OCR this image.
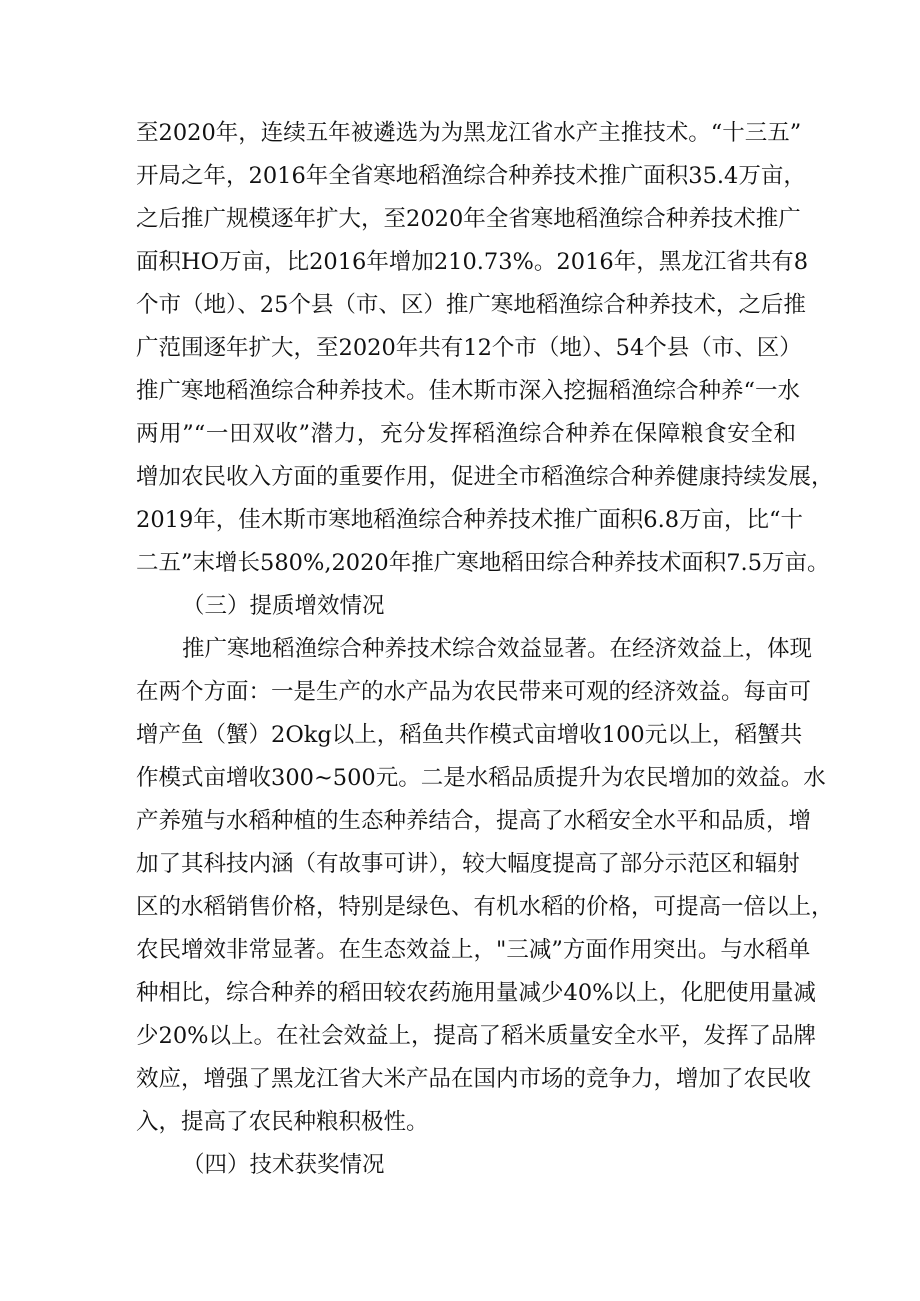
至2020年，连续五年被遴选为为黑龙江省水产主推技术。“十三五”
开局之年，2016年全省寒地稻渔综合种养技术推广面积35.4万亩，
之后推广规模逐年扩大，至2020年全省寒地稻渔综合种养技术推广
面积HO万亩，比2016年增加210.73%。2016年，黑龙江省共有8
个市（地）、25个县（市、区）推广寒地稻渔综合种养技术，之后推
广范围逐年扩大，至2020年共有12个市（地）、54个县（市、区）
推广寒地稻渔综合种养技术。佳木斯市深入挖掘稻渔综合种养“一水
两用”“一田双收”潜力，充分发挥稻渔综合种养在保障粮食安全和
增加农民收入方面的重要作用，促进全市稻渔综合种养健康持续发展，
2019年，佳木斯市寒地稻渔综合种养技术推广面积6.8万亩，比“十
二五”末增长580%,2020年推广寒地稻田综合种养技术面积7.5万亩。
（三）提质增效情况
推广寒地稻渔综合种养技术综合效益显著。在经济效益上，体现
在两个方面：一是生产的水产品为农民带来可观的经济效益。每亩可
增产鱼（蟹）2Okg以上，稻鱼共作模式亩增收100元以上，稻蟹共
作模式亩增收300~500元。二是水稻品质提升为农民增加的效益。水
产养殖与水稻种植的生态种养结合，提高了水稻安全水平和品质，增
加了其科技内涵（有故事可讲），较大幅度提高了部分示范区和辐射
区的水稻销售价格，特别是绿色、有机水稻的价格，可提高一倍以上，
农民增效非常显著。在生态效益上，"三减”方面作用突出。与水稻单
种相比，综合种养的稻田较农药施用量减少40%以上，化肥使用量减
少20%以上。在社会效益上，提高了稻米质量安全水平，发挥了品牌
效应，增强了黑龙江省大米产品在国内市场的竞争力，增加了农民收
入，提高了农民种粮积极性。
（四）技术获奖情况
